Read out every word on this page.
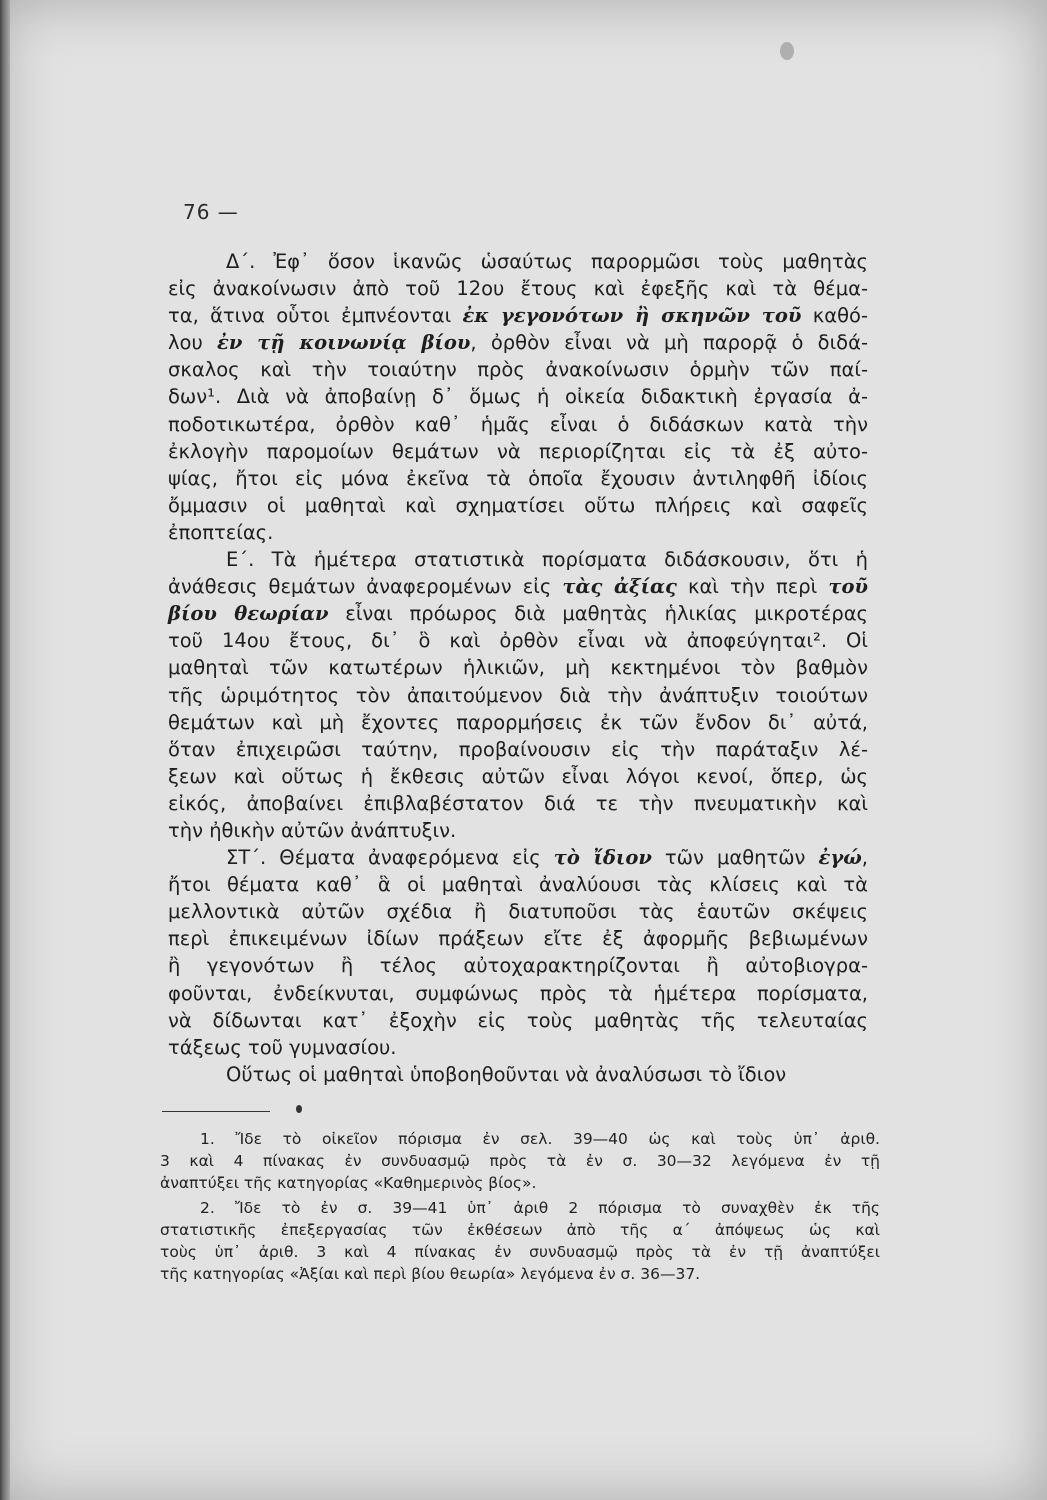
76 —
Δ΄. Ἐφ᾽ ὅσον ἱκανῶς ὡσαύτως παρορμῶσι τοὺς μαθητὰς
εἰς ἀνακοίνωσιν ἀπὸ τοῦ 12ου ἔτους καὶ ἐφεξῆς καὶ τὰ θέμα-
τα, ἅτινα οὗτοι ἐμπνέονται ἐκ γεγονότων ἢ σκηνῶν τοῦ καθό-
λου ἐν τῇ κοινωνίᾳ βίου, ὀρθὸν εἶναι νὰ μὴ παρορᾷ ὁ διδά-
σκαλος καὶ τὴν τοιαύτην πρὸς ἀνακοίνωσιν ὁρμὴν τῶν παί-
δων¹. Διὰ νὰ ἀποβαίνῃ δ᾽ ὅμως ἡ οἰκεία διδακτικὴ ἐργασία ἀ-
ποδοτικωτέρα, ὀρθὸν καθ᾽ ἡμᾶς εἶναι ὁ διδάσκων κατὰ τὴν
ἐκλογὴν παρομοίων θεμάτων νὰ περιορίζηται εἰς τὰ ἐξ αὐτο-
ψίας, ἤτοι εἰς μόνα ἐκεῖνα τὰ ὁποῖα ἔχουσιν ἀντιληφθῆ ἰδίοις
ὄμμασιν οἱ μαθηταὶ καὶ σχηματίσει οὕτω πλήρεις καὶ σαφεῖς
ἐποπτείας.
Ε΄. Τὰ ἡμέτερα στατιστικὰ πορίσματα διδάσκουσιν, ὅτι ἡ
ἀνάθεσις θεμάτων ἀναφερομένων εἰς τὰς ἀξίας καὶ τὴν περὶ τοῦ
βίου θεωρίαν εἶναι πρόωρος διὰ μαθητὰς ἡλικίας μικροτέρας
τοῦ 14ου ἔτους, δι᾽ ὃ καὶ ὀρθὸν εἶναι νὰ ἀποφεύγηται². Οἱ
μαθηταὶ τῶν κατωτέρων ἡλικιῶν, μὴ κεκτημένοι τὸν βαθμὸν
τῆς ὡριμότητος τὸν ἀπαιτούμενον διὰ τὴν ἀνάπτυξιν τοιούτων
θεμάτων καὶ μὴ ἔχοντες παρορμήσεις ἐκ τῶν ἔνδον δι᾽ αὐτά,
ὅταν ἐπιχειρῶσι ταύτην, προβαίνουσιν εἰς τὴν παράταξιν λέ-
ξεων καὶ οὕτως ἡ ἔκθεσις αὐτῶν εἶναι λόγοι κενοί, ὅπερ, ὡς
εἰκός, ἀποβαίνει ἐπιβλαβέστατον διά τε τὴν πνευματικὴν καὶ
τὴν ἠθικὴν αὐτῶν ἀνάπτυξιν.
ΣΤ΄. Θέματα ἀναφερόμενα εἰς τὸ ἴδιον τῶν μαθητῶν ἐγώ,
ἤτοι θέματα καθ᾽ ἃ οἱ μαθηταὶ ἀναλύουσι τὰς κλίσεις καὶ τὰ
μελλοντικὰ αὐτῶν σχέδια ἢ διατυποῦσι τὰς ἑαυτῶν σκέψεις
περὶ ἐπικειμένων ἰδίων πράξεων εἴτε ἐξ ἀφορμῆς βεβιωμένων
ἢ γεγονότων ἢ τέλος αὐτοχαρακτηρίζονται ἢ αὐτοβιογρα-
φοῦνται, ἐνδείκνυται, συμφώνως πρὸς τὰ ἡμέτερα πορίσματα,
νὰ δίδωνται κατ᾽ ἐξοχὴν εἰς τοὺς μαθητὰς τῆς τελευταίας
τάξεως τοῦ γυμνασίου.
Οὕτως οἱ μαθηταὶ ὑποβοηθοῦνται νὰ ἀναλύσωσι τὸ ἴδιον
1. Ἴδε τὸ οἰκεῖον πόρισμα ἐν σελ. 39—40 ὡς καὶ τοὺς ὑπ᾽ ἀριθ.
3 καὶ 4 πίνακας ἐν συνδυασμῷ πρὸς τὰ ἐν σ. 30—32 λεγόμενα ἐν τῇ
ἀναπτύξει τῆς κατηγορίας «Καθημερινὸς βίος».
2. Ἴδε τὸ ἐν σ. 39—41 ὑπ᾽ ἀριθ 2 πόρισμα τὸ συναχθὲν ἐκ τῆς
στατιστικῆς ἐπεξεργασίας τῶν ἐκθέσεων ἀπὸ τῆς α΄ ἀπόψεως ὡς καὶ
τοὺς ὑπ᾽ ἀριθ. 3 καὶ 4 πίνακας ἐν συνδυασμῷ πρὸς τὰ ἐν τῇ ἀναπτύξει
τῆς κατηγορίας «Ἀξίαι καὶ περὶ βίου θεωρία» λεγόμενα ἐν σ. 36—37.
